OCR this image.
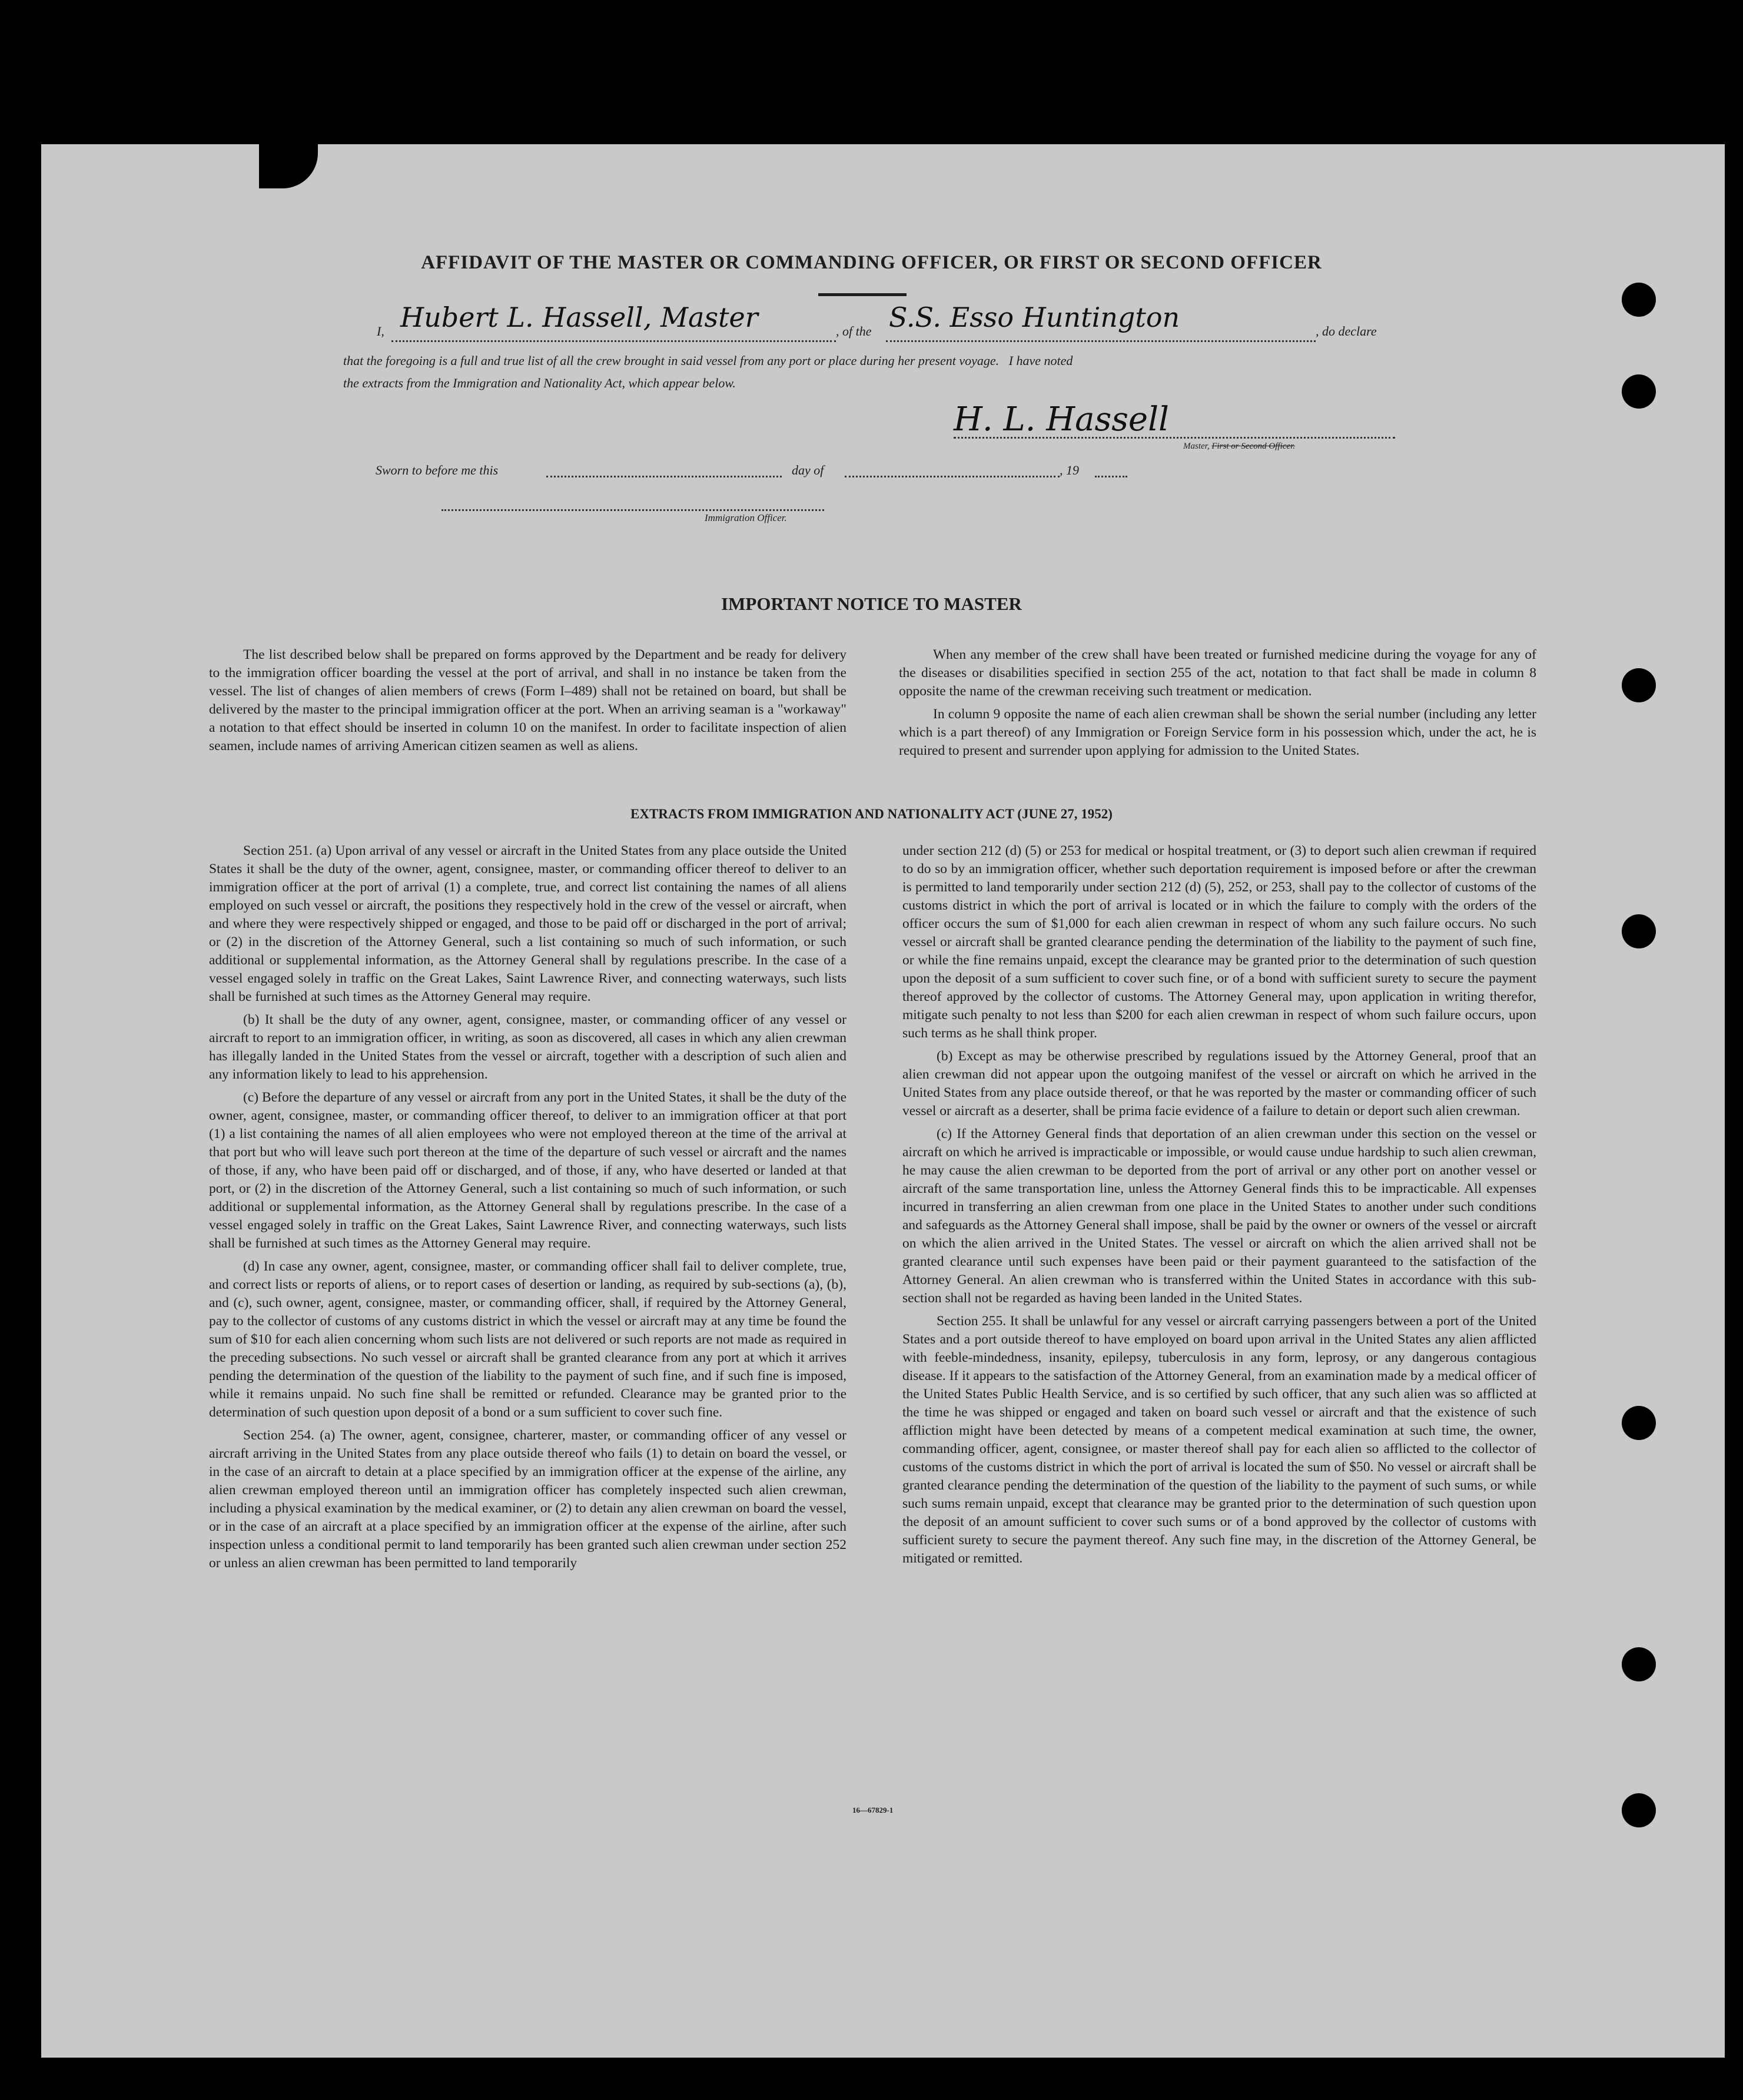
AFFIDAVIT OF THE MASTER OR COMMANDING OFFICER, OR FIRST OR SECOND OFFICER
I, Hubert L. Hassell, Master	, of the S.S. Esso Huntington	, do declare
that the foregoing is a full and true list of all the crew brought in said vessel from any port or place during her present voyage.   I have noted
the extracts from the Immigration and Nationality Act, which appear below.
H. L. Hassell
Master, First or Second Officer.
Sworn to before me this	day of	, 19
Immigration Officer.
IMPORTANT NOTICE TO MASTER

The list described below shall be prepared on forms approved by the Department and be ready for delivery to the immigration officer boarding the vessel at the port of arrival, and shall in no instance be taken from the vessel. The list of changes of alien members of crews (Form I–489) shall not be retained on board, but shall be delivered by the master to the principal immigration officer at the port. When an arriving seaman is a "workaway" a notation to that effect should be inserted in column 10 on the manifest. In order to facilitate inspection of alien seamen, include names of arriving American citizen seamen as well as aliens.

When any member of the crew shall have been treated or furnished medicine during the voyage for any of the diseases or disabilities specified in section 255 of the act, notation to that fact shall be made in column 8 opposite the name of the crewman receiving such treatment or medication.

In column 9 opposite the name of each alien crewman shall be shown the serial number (including any letter which is a part thereof) of any Immigration or Foreign Service form in his possession which, under the act, he is required to present and surrender upon applying for admission to the United States.

EXTRACTS FROM IMMIGRATION AND NATIONALITY ACT (JUNE 27, 1952)

Section 251. (a) Upon arrival of any vessel or aircraft in the United States from any place outside the United States it shall be the duty of the owner, agent, consignee, master, or commanding officer thereof to deliver to an immigration officer at the port of arrival (1) a complete, true, and correct list containing the names of all aliens employed on such vessel or aircraft, the positions they respectively hold in the crew of the vessel or aircraft, when and where they were respectively shipped or engaged, and those to be paid off or discharged in the port of arrival; or (2) in the discretion of the Attorney General, such a list containing so much of such information, or such additional or supplemental information, as the Attorney General shall by regulations prescribe. In the case of a vessel engaged solely in traffic on the Great Lakes, Saint Lawrence River, and connecting waterways, such lists shall be furnished at such times as the Attorney General may require.

(b) It shall be the duty of any owner, agent, consignee, master, or commanding officer of any vessel or aircraft to report to an immigration officer, in writing, as soon as discovered, all cases in which any alien crewman has illegally landed in the United States from the vessel or aircraft, together with a description of such alien and any information likely to lead to his apprehension.

(c) Before the departure of any vessel or aircraft from any port in the United States, it shall be the duty of the owner, agent, consignee, master, or commanding officer thereof, to deliver to an immigration officer at that port (1) a list containing the names of all alien employees who were not employed thereon at the time of the arrival at that port but who will leave such port thereon at the time of the departure of such vessel or aircraft and the names of those, if any, who have been paid off or discharged, and of those, if any, who have deserted or landed at that port, or (2) in the discretion of the Attorney General, such a list containing so much of such information, or such additional or supplemental information, as the Attorney General shall by regulations prescribe. In the case of a vessel engaged solely in traffic on the Great Lakes, Saint Lawrence River, and connecting waterways, such lists shall be furnished at such times as the Attorney General may require.

(d) In case any owner, agent, consignee, master, or commanding officer shall fail to deliver complete, true, and correct lists or reports of aliens, or to report cases of desertion or landing, as required by sub-sections (a), (b), and (c), such owner, agent, consignee, master, or commanding officer, shall, if required by the Attorney General, pay to the collector of customs of any customs district in which the vessel or aircraft may at any time be found the sum of $10 for each alien concerning whom such lists are not delivered or such reports are not made as required in the preceding subsections. No such vessel or aircraft shall be granted clearance from any port at which it arrives pending the determination of the question of the liability to the payment of such fine, and if such fine is imposed, while it remains unpaid. No such fine shall be remitted or refunded. Clearance may be granted prior to the determination of such question upon deposit of a bond or a sum sufficient to cover such fine.

Section 254. (a) The owner, agent, consignee, charterer, master, or commanding officer of any vessel or aircraft arriving in the United States from any place outside thereof who fails (1) to detain on board the vessel, or in the case of an aircraft to detain at a place specified by an immigration officer at the expense of the airline, any alien crewman employed thereon until an immigration officer has completely inspected such alien crewman, including a physical examination by the medical examiner, or (2) to detain any alien crewman on board the vessel, or in the case of an aircraft at a place specified by an immigration officer at the expense of the airline, after such inspection unless a conditional permit to land temporarily has been granted such alien crewman under section 252 or unless an alien crewman has been permitted to land temporarily

under section 212 (d) (5) or 253 for medical or hospital treatment, or (3) to deport such alien crewman if required to do so by an immigration officer, whether such deportation requirement is imposed before or after the crewman is permitted to land temporarily under section 212 (d) (5), 252, or 253, shall pay to the collector of customs of the customs district in which the port of arrival is located or in which the failure to comply with the orders of the officer occurs the sum of $1,000 for each alien crewman in respect of whom any such failure occurs. No such vessel or aircraft shall be granted clearance pending the determination of the liability to the payment of such fine, or while the fine remains unpaid, except the clearance may be granted prior to the determination of such question upon the deposit of a sum sufficient to cover such fine, or of a bond with sufficient surety to secure the payment thereof approved by the collector of customs. The Attorney General may, upon application in writing therefor, mitigate such penalty to not less than $200 for each alien crewman in respect of whom such failure occurs, upon such terms as he shall think proper.

(b) Except as may be otherwise prescribed by regulations issued by the Attorney General, proof that an alien crewman did not appear upon the outgoing manifest of the vessel or aircraft on which he arrived in the United States from any place outside thereof, or that he was reported by the master or commanding officer of such vessel or aircraft as a deserter, shall be prima facie evidence of a failure to detain or deport such alien crewman.

(c) If the Attorney General finds that deportation of an alien crewman under this section on the vessel or aircraft on which he arrived is impracticable or impossible, or would cause undue hardship to such alien crewman, he may cause the alien crewman to be deported from the port of arrival or any other port on another vessel or aircraft of the same transportation line, unless the Attorney General finds this to be impracticable. All expenses incurred in transferring an alien crewman from one place in the United States to another under such conditions and safeguards as the Attorney General shall impose, shall be paid by the owner or owners of the vessel or aircraft on which the alien arrived in the United States. The vessel or aircraft on which the alien arrived shall not be granted clearance until such expenses have been paid or their payment guaranteed to the satisfaction of the Attorney General. An alien crewman who is transferred within the United States in accordance with this sub-section shall not be regarded as having been landed in the United States.

Section 255. It shall be unlawful for any vessel or aircraft carrying passengers between a port of the United States and a port outside thereof to have employed on board upon arrival in the United States any alien afflicted with feeble-mindedness, insanity, epilepsy, tuberculosis in any form, leprosy, or any dangerous contagious disease. If it appears to the satisfaction of the Attorney General, from an examination made by a medical officer of the United States Public Health Service, and is so certified by such officer, that any such alien was so afflicted at the time he was shipped or engaged and taken on board such vessel or aircraft and that the existence of such affliction might have been detected by means of a competent medical examination at such time, the owner, commanding officer, agent, consignee, or master thereof shall pay for each alien so afflicted to the collector of customs of the customs district in which the port of arrival is located the sum of $50. No vessel or aircraft shall be granted clearance pending the determination of the question of the liability to the payment of such sums, or while such sums remain unpaid, except that clearance may be granted prior to the determination of such question upon the deposit of an amount sufficient to cover such sums or of a bond approved by the collector of customs with sufficient surety to secure the payment thereof. Any such fine may, in the discretion of the Attorney General, be mitigated or remitted.

16—67829-1
